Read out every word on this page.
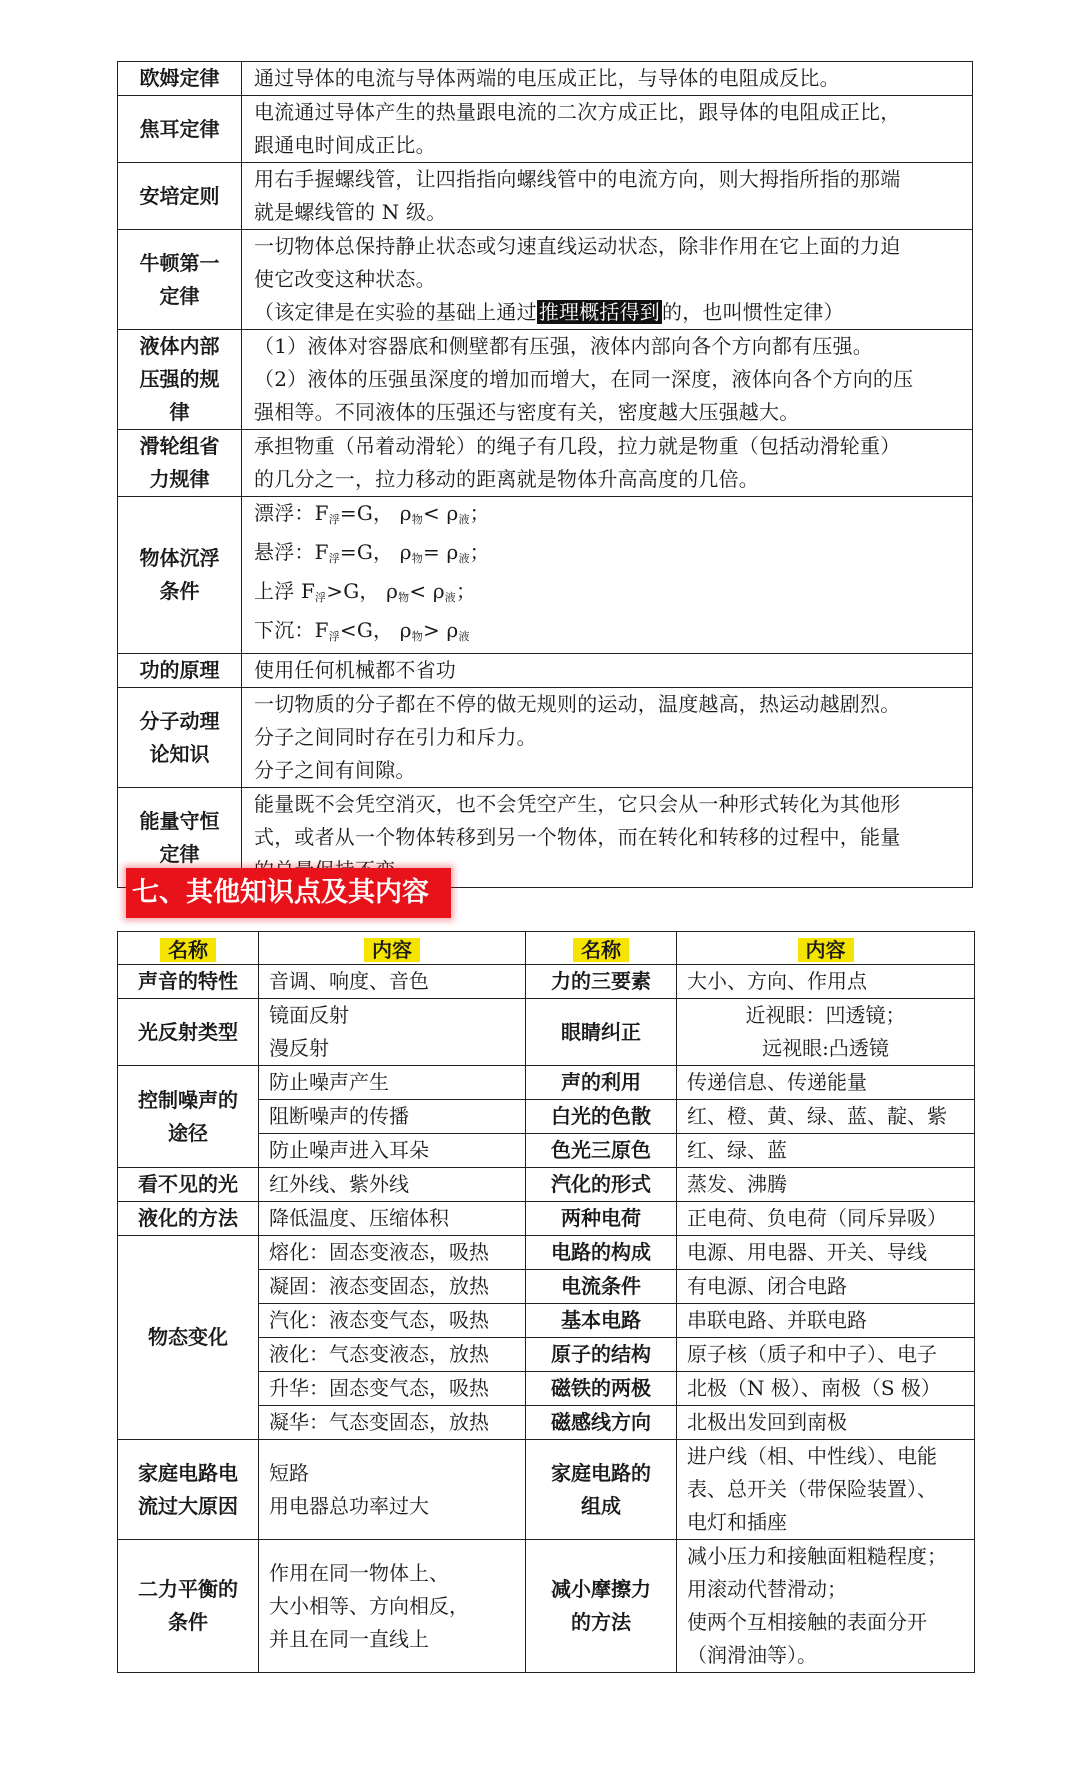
欧姆定律	通过导体的电流与导体两端的电压成正比，与导体的电阻成反比。

焦耳定律	电流通过导体产生的热量跟电流的二次方成正比，跟导体的电阻成正比，
跟通电时间成正比。

安培定则	用右手握螺线管，让四指指向螺线管中的电流方向，则大拇指所指的那端
就是螺线管的 N 级。

牛顿第一
定律	一切物体总保持静止状态或匀速直线运动状态，除非作用在它上面的力迫
使它改变这种状态。
（该定律是在实验的基础上通过 推理概括得到 的，也叫惯性定律）

液体内部
压强的规
律	（1）液体对容器底和侧壁都有压强，液体内部向各个方向都有压强。
（2）液体的压强虽深度的增加而增大，在同一深度，液体向各个方向的压
强相等。不同液体的压强还与密度有关，密度越大压强越大。

滑轮组省
力规律	承担物重（吊着动滑轮）的绳子有几段，拉力就是物重（包括动滑轮重）
的几分之一，拉力移动的距离就是物体升高高度的几倍。

物体沉浮
条件	漂浮：$F_浮=G$， $\rho_物< \rho_液$；
悬浮：$F_浮=G$， $\rho_物= \rho_液$；
上浮 $F_浮>G$， $\rho_物< \rho_液$；
下沉：$F_浮<G$， $\rho_物> \rho_液$

功的原理	使用任何机械都不省功

分子动理
论知识	一切物质的分子都在不停的做无规则的运动，温度越高，热运动越剧烈。
分子之间同时存在引力和斥力。
分子之间有间隙。

能量守恒
定律	能量既不会凭空消灭，也不会凭空产生，它只会从一种形式转化为其他形
式，或者从一个物体转移到另一个物体，而在转化和转移的过程中，能量
七、其他知识点及其内容
名称	内容	名称	内容

声音的特性	音调、响度、音色	力的三要素	大小、方向、作用点

光反射类型	镜面反射
漫反射	眼睛纠正	近视眼：凹透镜；
远视眼:凸透镜

控制噪声的
途径	防止噪声产生	声的利用	传递信息、传递能量

	阻断噪声的传播	白光的色散	红、橙、黄、绿、蓝、靛、紫

	防止噪声进入耳朵	色光三原色	红、绿、蓝

看不见的光	红外线、紫外线	汽化的形式	蒸发、沸腾

液化的方法	降低温度、压缩体积	两种电荷	正电荷、负电荷（同斥异吸）

物态变化	熔化：固态变液态，吸热	电路的构成	电源、用电器、开关、导线

	凝固：液态变固态，放热	电流条件	有电源、闭合电路

	汽化：液态变气态，吸热	基本电路	串联电路、并联电路

	液化：气态变液态，放热	原子的结构	原子核（质子和中子）、电子

	升华：固态变气态，吸热	磁铁的两极	北极（N 极）、南极（S 极）

	凝华：气态变固态，放热	磁感线方向	北极出发回到南极

家庭电路电
流过大原因	短路
用电器总功率过大	家庭电路的
组成	进户线（相、中性线）、电能
表、总开关（带保险装置）、
电灯和插座

二力平衡的
条件	作用在同一物体上、
大小相等、方向相反，
并且在同一直线上	减小摩擦力
的方法	减小压力和接触面粗糙程度；
用滚动代替滑动；
使两个互相接触的表面分开
（润滑油等）。
